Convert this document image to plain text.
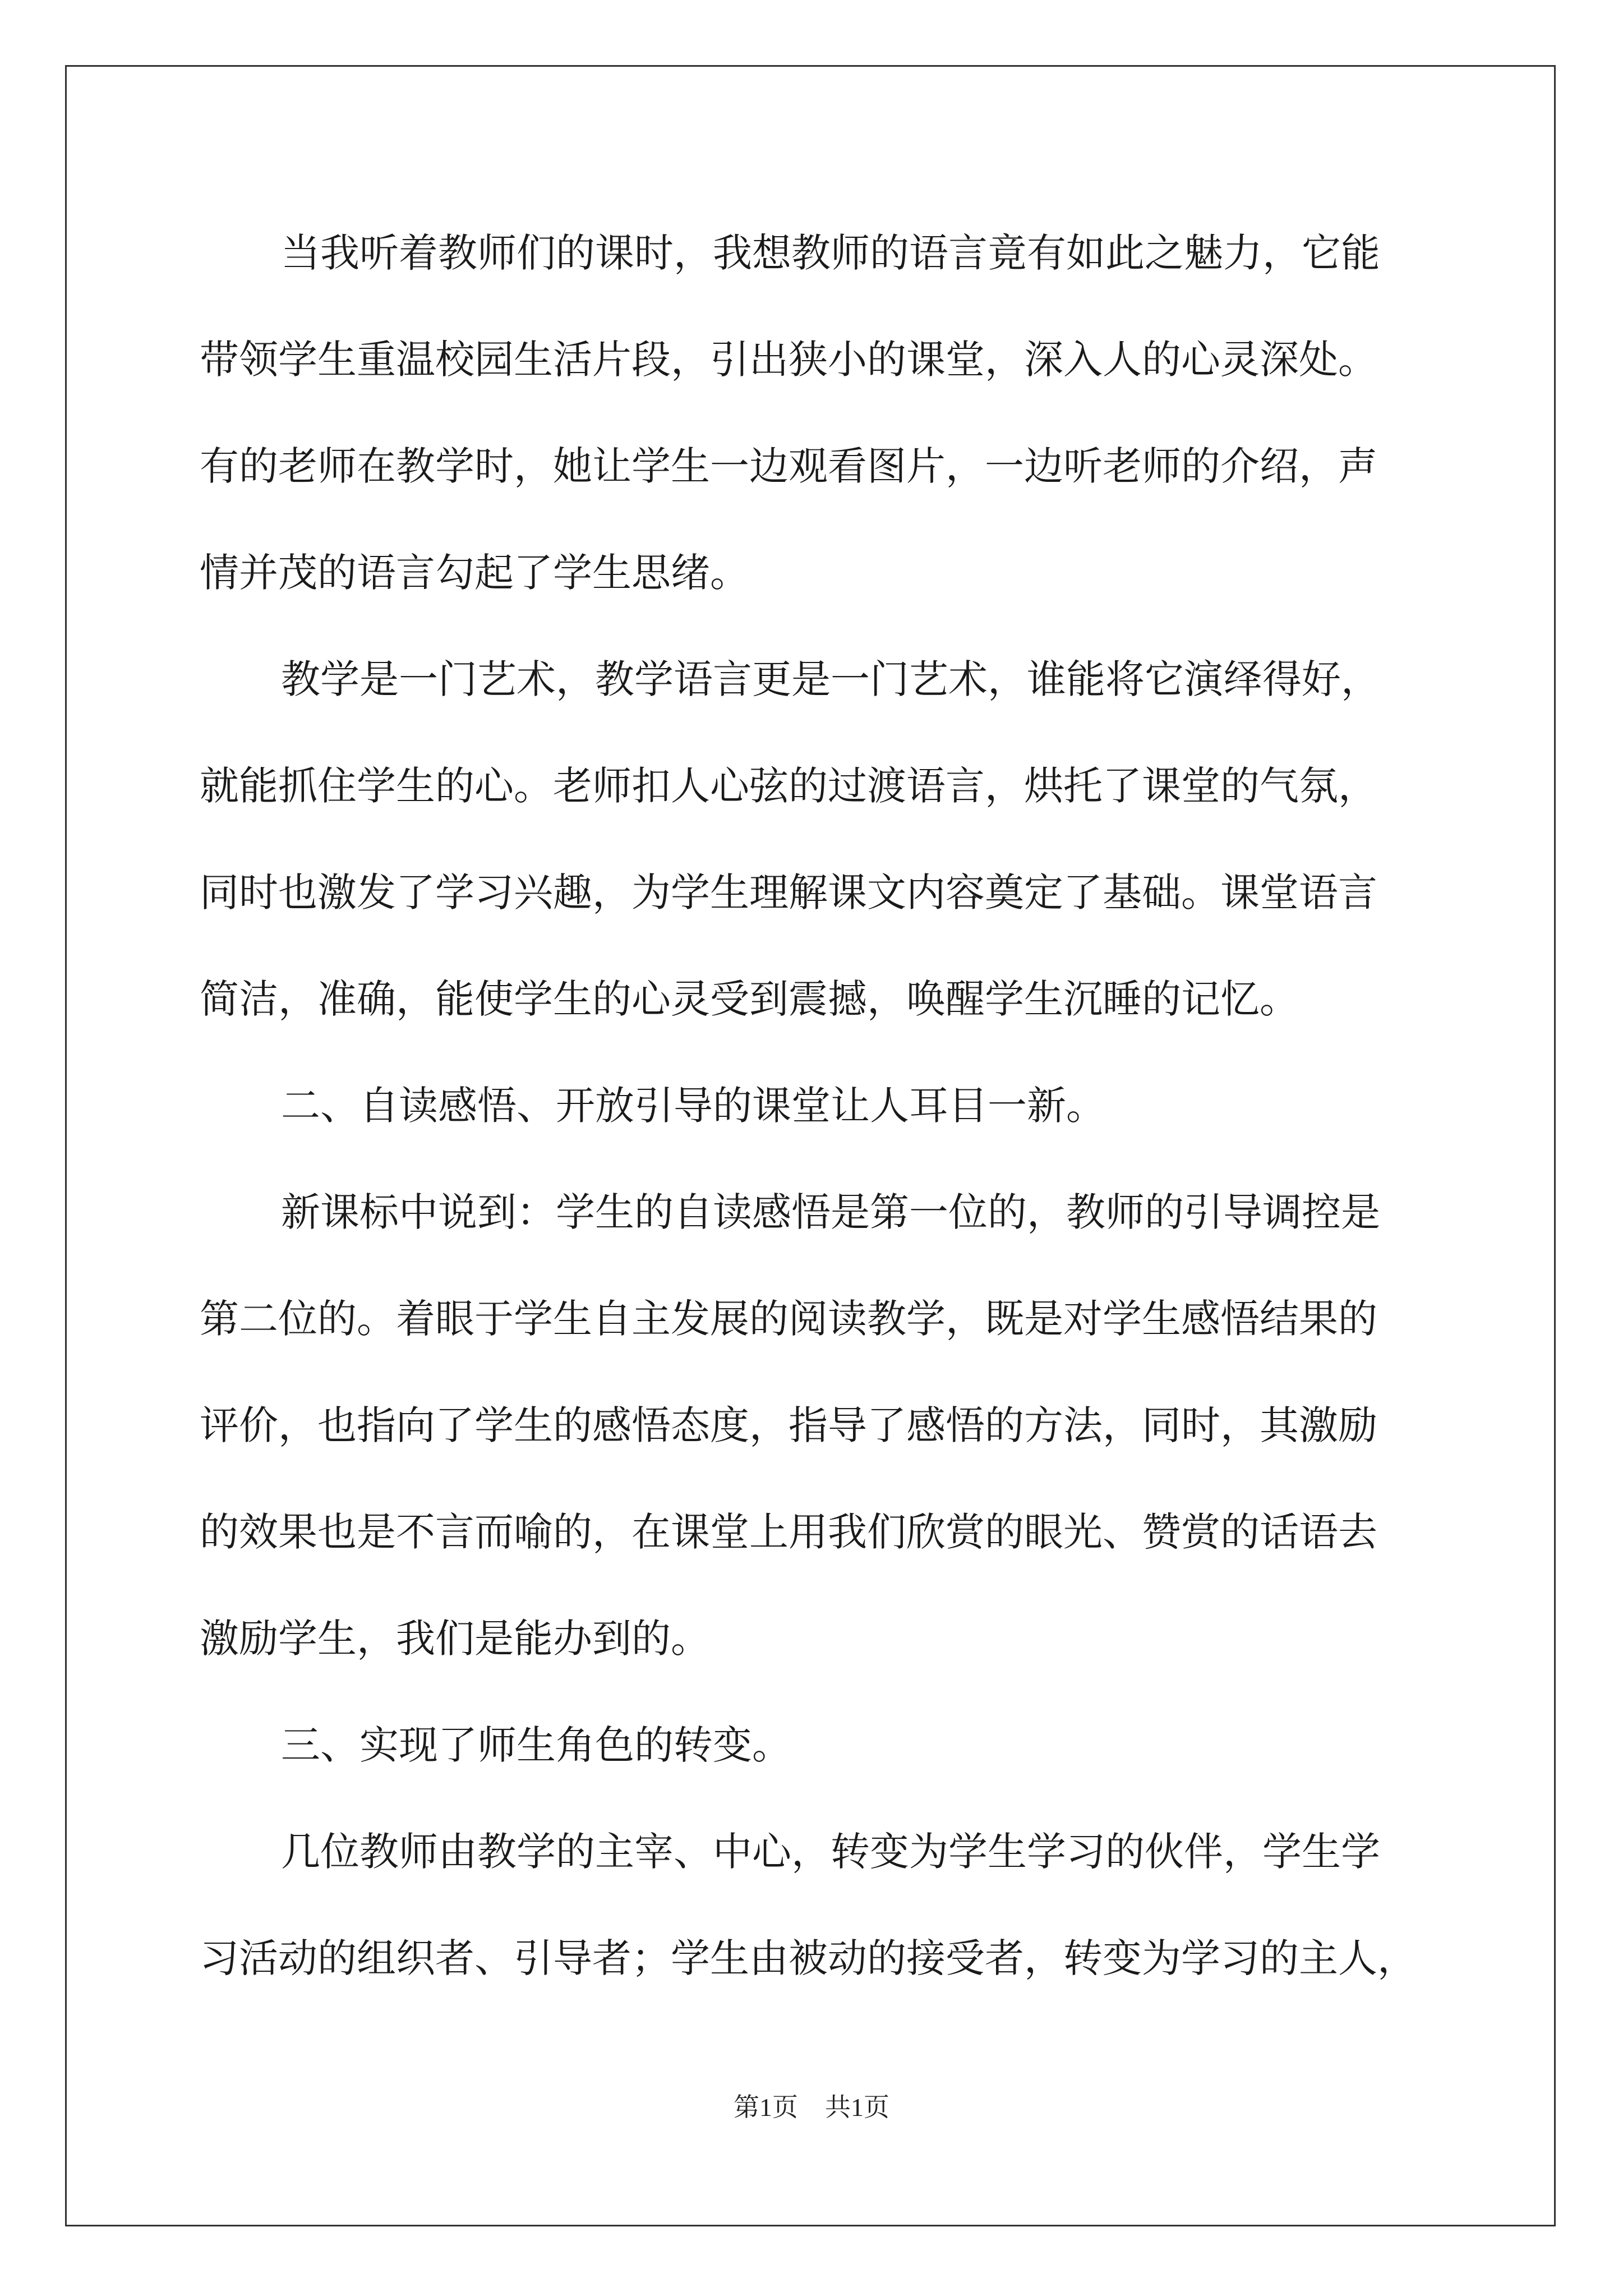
当我听着教师们的课时，我想教师的语言竟有如此之魅力，它能
带领学生重温校园生活片段，引出狭小的课堂，深入人的心灵深处。
有的老师在教学时，她让学生一边观看图片，一边听老师的介绍，声
情并茂的语言勾起了学生思绪。
教学是一门艺术，教学语言更是一门艺术，谁能将它演绎得好，
就能抓住学生的心。老师扣人心弦的过渡语言，烘托了课堂的气氛，
同时也激发了学习兴趣，为学生理解课文内容奠定了基础。课堂语言
简洁，准确，能使学生的心灵受到震撼，唤醒学生沉睡的记忆。
二、自读感悟、开放引导的课堂让人耳目一新。
新课标中说到：学生的自读感悟是第一位的，教师的引导调控是
第二位的。着眼于学生自主发展的阅读教学，既是对学生感悟结果的
评价，也指向了学生的感悟态度，指导了感悟的方法，同时，其激励
的效果也是不言而喻的，在课堂上用我们欣赏的眼光、赞赏的话语去
激励学生，我们是能办到的。
三、实现了师生角色的转变。
几位教师由教学的主宰、中心，转变为学生学习的伙伴，学生学
习活动的组织者、引导者；学生由被动的接受者，转变为学习的主人，
第1页 共1页
